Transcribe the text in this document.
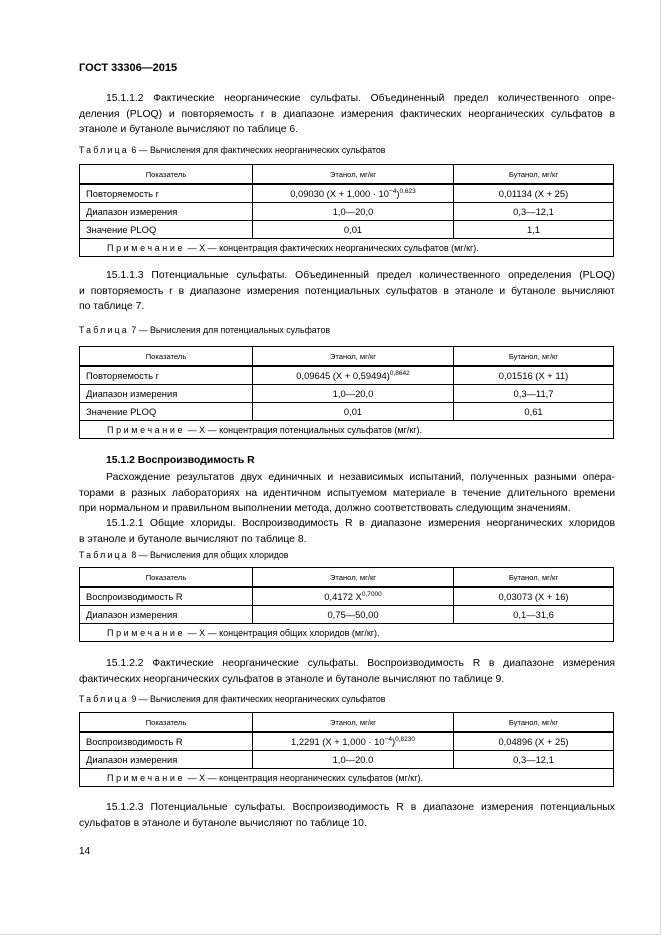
ГОСТ 33306—2015
15.1.1.2 Фактические неорганические сульфаты. Объединенный предел количественного опре-
деления (PLOQ) и повторяемость r в диапазоне измерения фактических неорганических сульфатов в
этаноле и бутаноле вычисляют по таблице 6.
Таблица 6 — Вычисления для фактических неорганических сульфатов
Показатель	Этанол, мг/кг	Бутанол, мг/кг
Повторяемость r	0,09030 $(X + 1,000 \cdot 10^{-4})^{0,623}$	0,01134 (X + 25)
Диапазон измерения	1,0—20,0	0,3—12,1
Значение PLOQ	0,01	1,1
Примечание — X — концентрация фактических неорганических сульфатов (мг/кг).		
15.1.1.3 Потенциальные сульфаты. Объединенный предел количественного определения (PLOQ)
и повторяемость r в диапазоне измерения потенциальных сульфатов в этаноле и бутаноле вычисляют
по таблице 7.
Таблица 7 — Вычисления для потенциальных сульфатов
Показатель	Этанол, мг/кг	Бутанол, мг/кг
Повторяемость r	0,09645 $(X + 0,59494)^{0,8642}$	0,01516 (X + 11)
Диапазон измерения	1,0—20,0	0,3—11,7
Значение PLOQ	0,01	0,61
Примечание — X — концентрация потенциальных сульфатов (мг/кг).		
15.1.2 Воспроизводимость R
Расхождение результатов двух единичных и независимых испытаний, полученных разными опера-
торами в разных лабораториях на идентичном испытуемом материале в течение длительного времени
при нормальном и правильном выполнении метода, должно соответствовать следующим значениям.
15.1.2.1 Общие хлориды. Воспроизводимость R в диапазоне измерения неорганических хлоридов
в этаноле и бутаноле вычисляют по таблице 8.
Таблица 8 — Вычисления для общих хлоридов
Показатель	Этанол, мг/кг	Бутанол, мг/кг
Воспроизводимость R	0,4172 $X^{0,7000}$	0,03073 (X + 16)
Диапазон измерения	0,75—50,00	0,1—31,6
Примечание — X — концентрация общих хлоридов (мг/кг).		
15.1.2.2 Фактические неорганические сульфаты. Воспроизводимость R в диапазоне измерения
фактических неорганических сульфатов в этаноле и бутаноле вычисляют по таблице 9.
Таблица 9 — Вычисления для фактических неорганических сульфатов
Показатель	Этанол, мг/кг	Бутанол, мг/кг
Воспроизводимость R	1,2291 $(X + 1,000 \cdot 10^{-4})^{0,8230}$	0,04896 (X + 25)
Диапазон измерения	1,0—20.0	0,3—12,1
Примечание — X — концентрация неорганических сульфатов (мг/кг).		
15.1.2.3 Потенциальные сульфаты. Воспроизводимость R в диапазоне измерения потенциальных
сульфатов в этаноле и бутаноле вычисляют по таблице 10.
14
